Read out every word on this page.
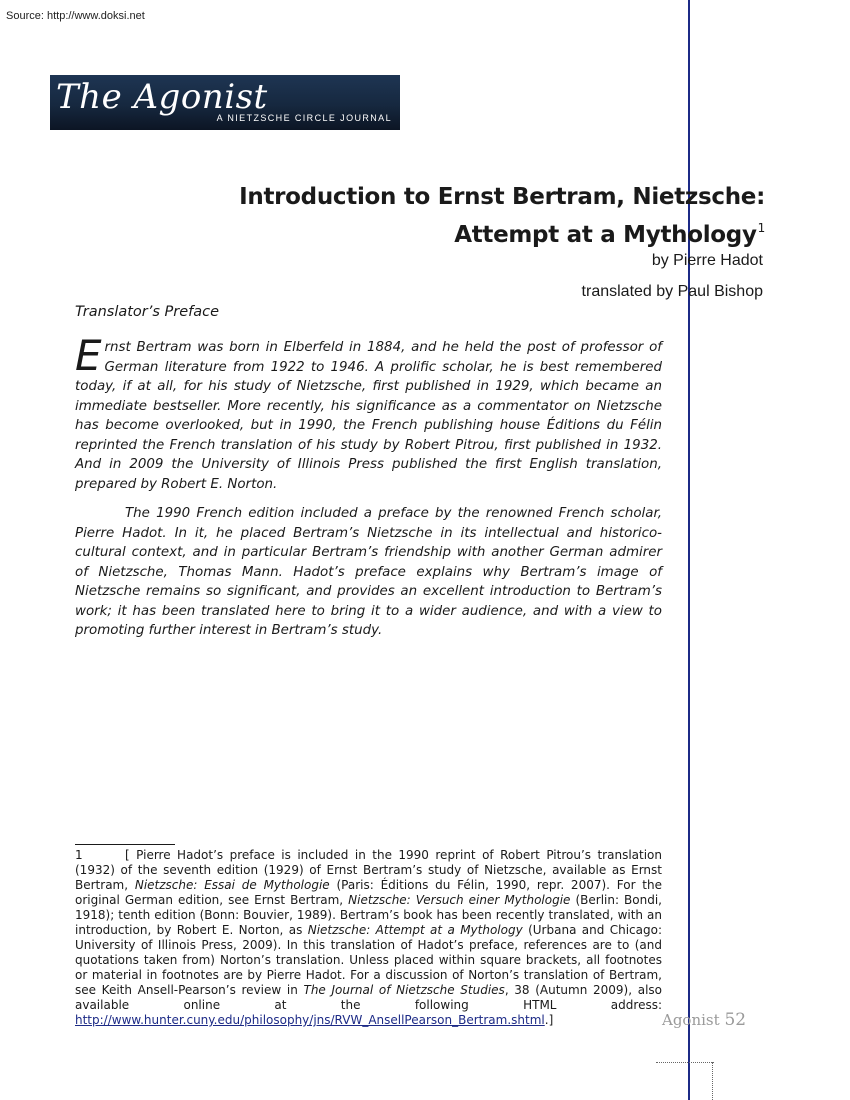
Source: http://www.doksi.net
The Agonist
A NIETZSCHE CIRCLE JOURNAL
Introduction to Ernst Bertram, Nietzsche:
Attempt at a Mythology$^1$
by Pierre Hadot
translated by Paul Bishop
Translator’s Preface

Ernst Bertram was born in Elberfeld in 1884, and he held the post of professor of German literature from 1922 to 1946. A prolific scholar, he is best remembered today, if at all, for his study of Nietzsche, first published in 1929, which became an immediate bestseller. More recently, his significance as a commentator on Nietzsche has become overlooked, but in 1990, the French publishing house Éditions du Félin reprinted the French translation of his study by Robert Pitrou, first published in 1932. And in 2009 the University of Illinois Press published the first English translation, prepared by Robert E. Norton.

The 1990 French edition included a preface by the renowned French scholar, Pierre Hadot. In it, he placed Bertram’s Nietzsche in its intellectual and historico-cultural context, and in particular Bertram’s friendship with another German admirer of Nietzsche, Thomas Mann. Hadot’s preface explains why Bertram’s image of Nietzsche remains so significant, and provides an excellent introduction to Bertram’s work; it has been translated here to bring it to a wider audience, and with a view to promoting further interest in Bertram’s study.

1	[ Pierre Hadot’s preface is included in the 1990 reprint of Robert Pitrou’s translation (1932) of the seventh edition (1929) of Ernst Bertram’s study of Nietzsche, available as Ernst Bertram, Nietzsche: Essai de Mythologie (Paris: Éditions du Félin, 1990, repr. 2007). For the original German edition, see Ernst Bertram, Nietzsche: Versuch einer Mythologie (Berlin: Bondi, 1918); tenth edition (Bonn: Bouvier, 1989). Bertram’s book has been recently translated, with an introduction, by Robert E. Norton, as Nietzsche: Attempt at a Mythology (Urbana and Chicago: University of Illinois Press, 2009). In this translation of Hadot’s preface, references are to (and quotations taken from) Norton’s translation. Unless placed within square brackets, all footnotes or material in footnotes are by Pierre Hadot. For a discussion of Norton’s translation of Bertram, see Keith Ansell-Pearson’s review in The Journal of Nietzsche Studies, 38 (Autumn 2009), also available online at the following HTML address: http://www.hunter.cuny.edu/philosophy/jns/RVW_AnsellPearson_Bertram.shtml.]	Agonist 52
